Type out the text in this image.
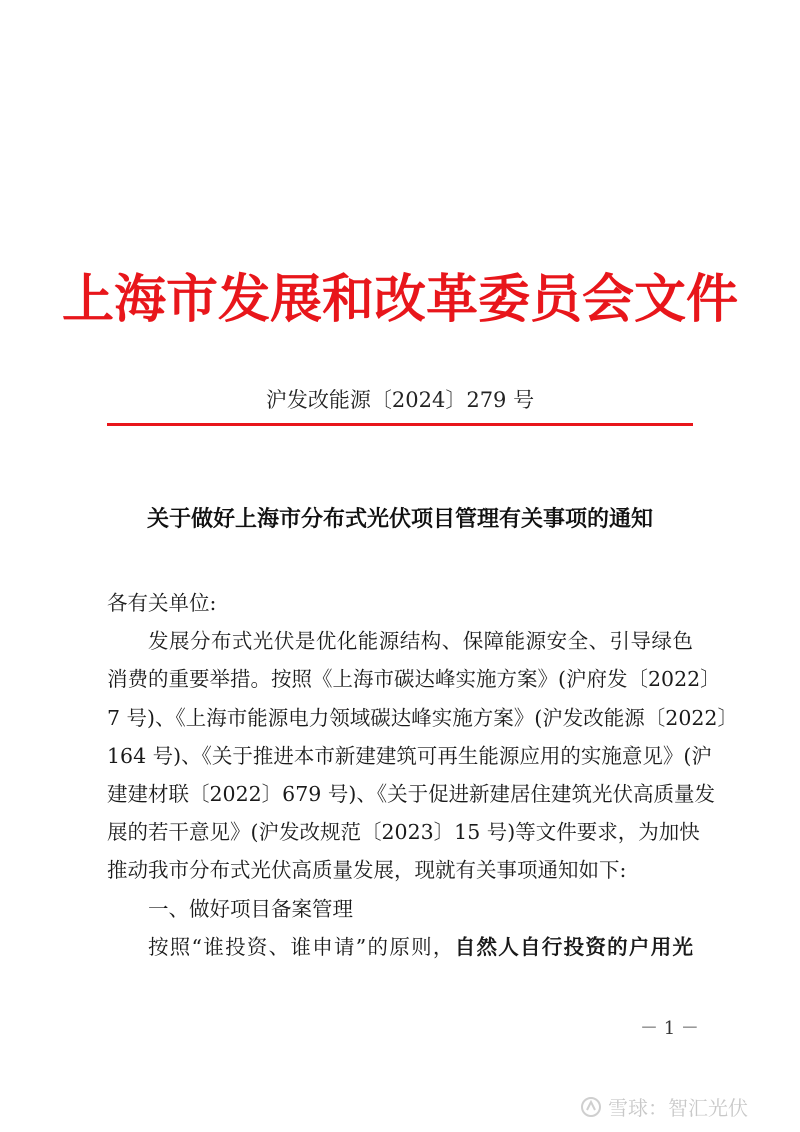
上海市发展和改革委员会文件
沪发改能源〔2024〕279 号
关于做好上海市分布式光伏项目管理有关事项的通知

各有关单位:

发展分布式光伏是优化能源结构、保障能源安全、引导绿色
消费的重要举措。按照《上海市碳达峰实施方案》(沪府发〔2022〕
7 号)、《上海市能源电力领域碳达峰实施方案》(沪发改能源〔2022〕
164 号)、《关于推进本市新建建筑可再生能源应用的实施意见》(沪
建建材联〔2022〕679 号)、《关于促进新建居住建筑光伏高质量发
展的若干意见》(沪发改规范〔2023〕15 号)等文件要求，为加快
推动我市分布式光伏高质量发展，现就有关事项通知如下:

一、做好项目备案管理

按照“谁投资、谁申请”的原则，自然人自行投资的户用光

－ 1 －
雪球：智汇光伏
